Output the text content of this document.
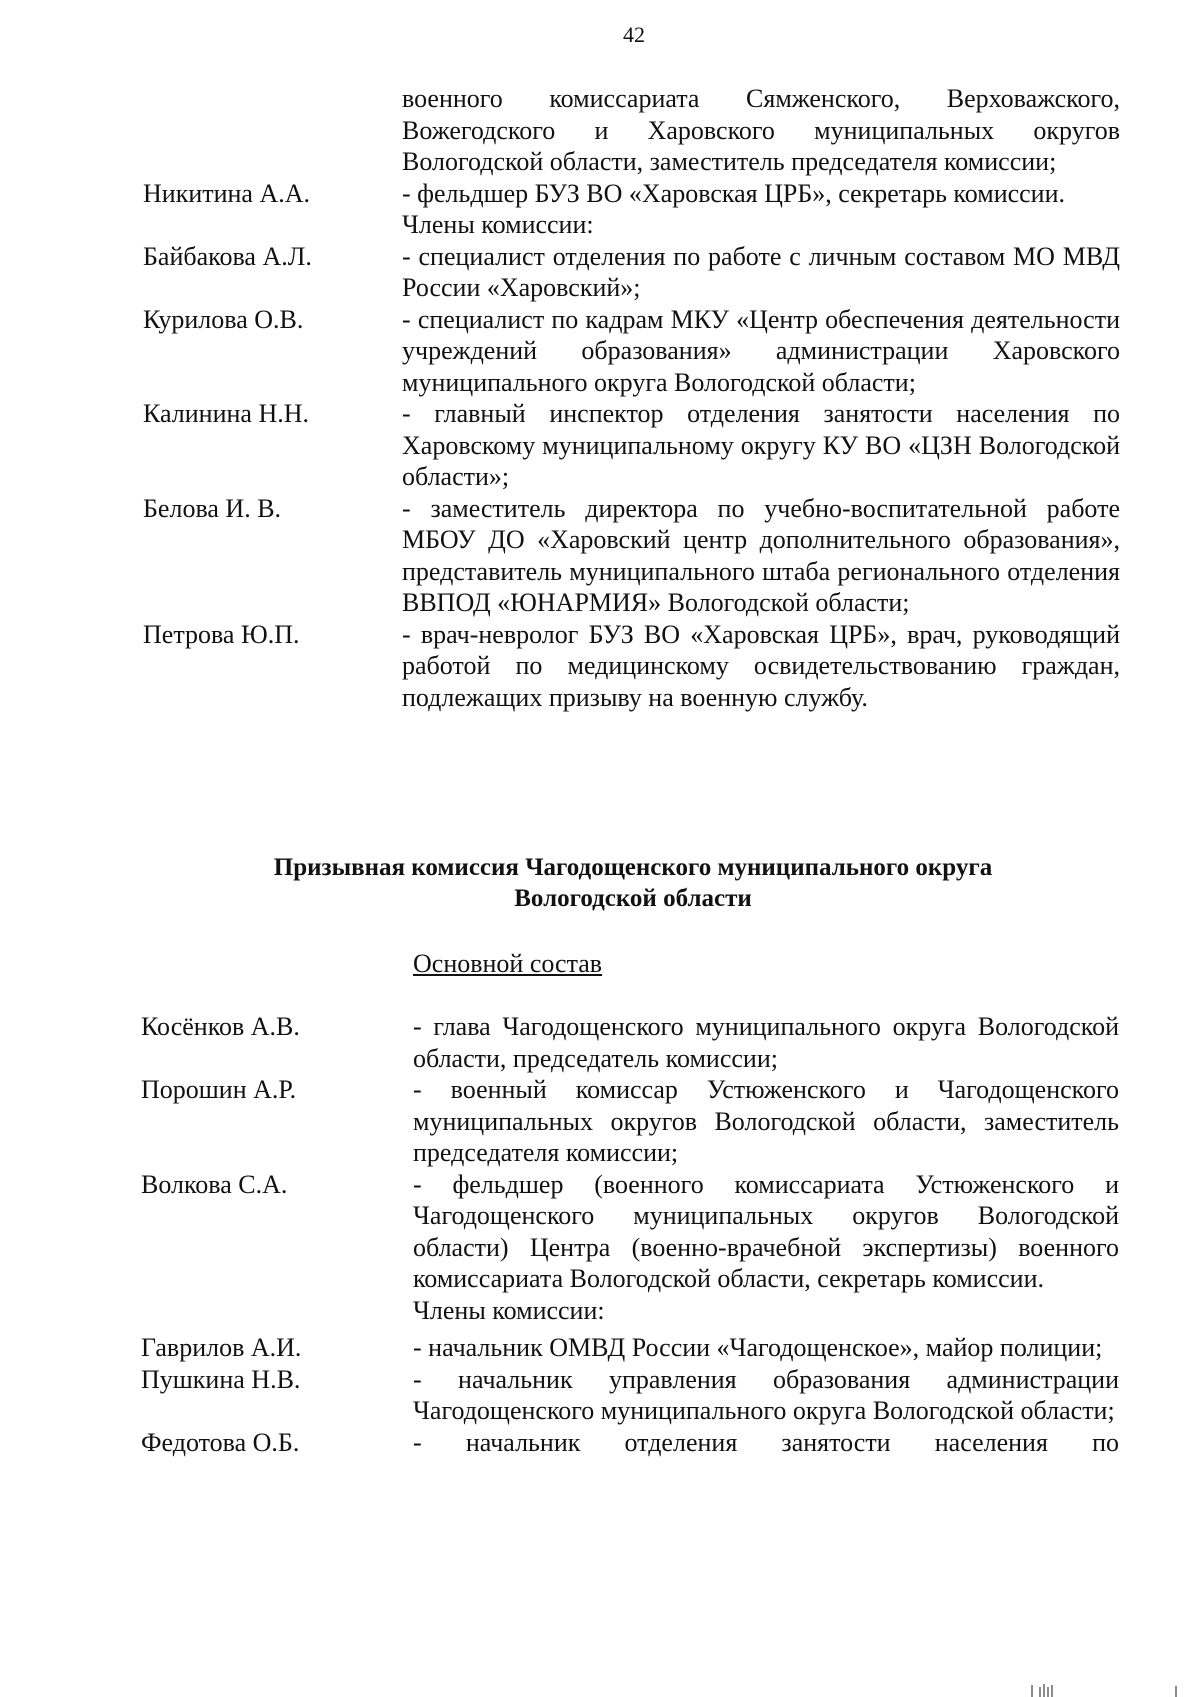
42
военного комиссариата Сямженского, Верховажского, Вожегодского и Харовского муниципальных округов Вологодской области, заместитель председателя комиссии;
Никитина А.А.	- фельдшер БУЗ ВО «Харовская ЦРБ», секретарь комиссии.
Члены комиссии:
Байбакова А.Л.	- специалист отделения по работе с личным составом МО МВД России «Харовский»;
Курилова О.В.	- специалист по кадрам МКУ «Центр обеспечения деятельности учреждений образования» администрации Харовского муниципального округа Вологодской области;
Калинина Н.Н.	- главный инспектор отделения занятости населения по Харовскому муниципальному округу КУ ВО «ЦЗН Вологодской области»;
Белова И. В.	- заместитель директора по учебно-воспитательной работе МБОУ ДО «Харовский центр дополнительного образования», представитель муниципального штаба регионального отделения ВВПОД «ЮНАРМИЯ» Вологодской области;
Петрова Ю.П.	- врач-невролог БУЗ ВО «Харовская ЦРБ», врач, руководящий работой по медицинскому освидетельствованию граждан, подлежащих призыву на военную службу.
Призывная комиссия Чагодощенского муниципального округа
Вологодской области
Основной состав
Косёнков А.В.	- глава Чагодощенского муниципального округа Вологодской области, председатель комиссии;
Порошин А.Р.	- военный комиссар Устюженского и Чагодощенского муниципальных округов Вологодской области, заместитель председателя комиссии;
Волкова С.А.	- фельдшер (военного комиссариата Устюженского и Чагодощенского муниципальных округов Вологодской области) Центра (военно-врачебной экспертизы) военного комиссариата Вологодской области, секретарь комиссии.
Члены комиссии:
Гаврилов А.И.	- начальник ОМВД России «Чагодощенское», майор полиции;
Пушкина Н.В.	- начальник управления образования администрации Чагодощенского муниципального округа Вологодской области;
Федотова О.Б.	- начальник отделения занятости населения по
